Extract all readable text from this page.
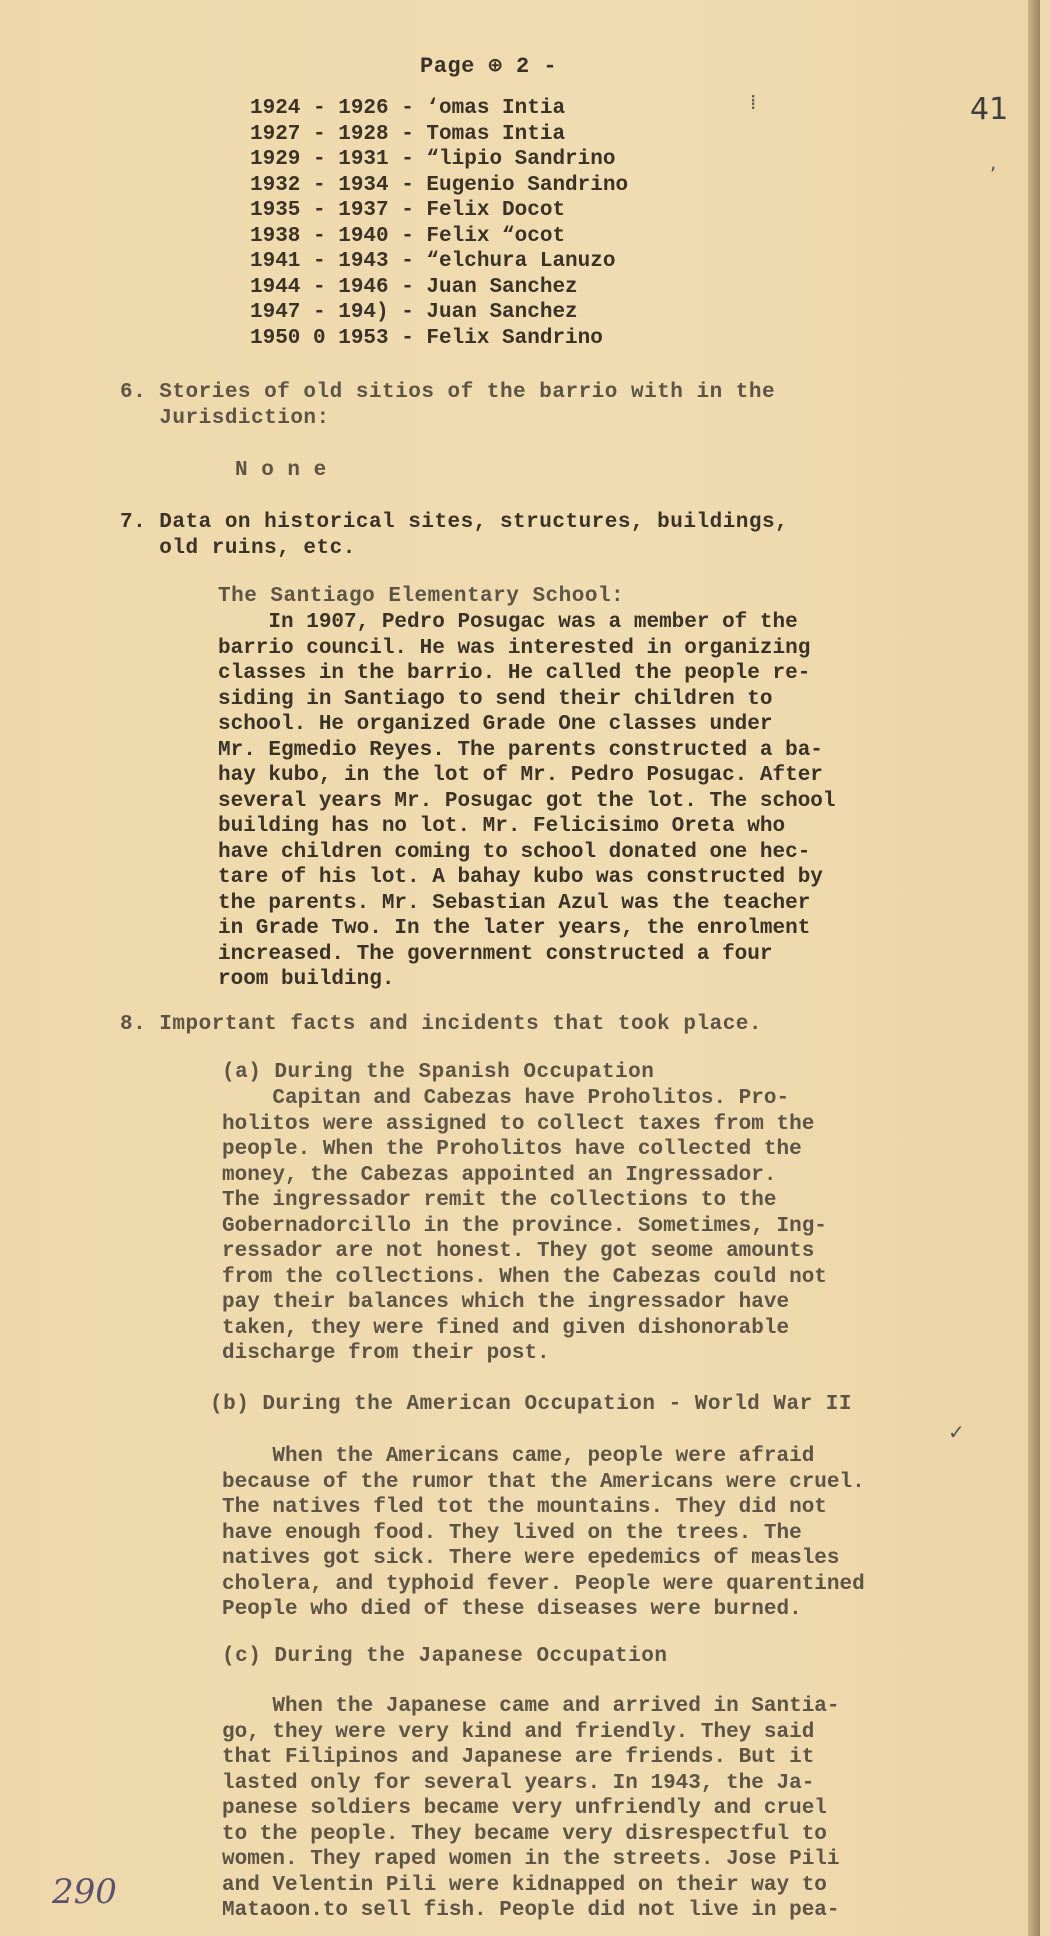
Page ⊕ 2 -
41
⁞
,
1924 - 1926 - ‘omas Intia
1927 - 1928 - Tomas Intia
1929 - 1931 - “lipio Sandrino
1932 - 1934 - Eugenio Sandrino
1935 - 1937 - Felix Docot
1938 - 1940 - Felix “ocot
1941 - 1943 - “elchura Lanuzo
1944 - 1946 - Juan Sanchez
1947 - 194) - Juan Sanchez
1950 0 1953 - Felix Sandrino
6. Stories of old sitios of the barrio with in the
Jurisdiction:
N o n e
7. Data on historical sites, structures, buildings,
old ruins, etc.
The Santiago Elementary School:
In 1907, Pedro Posugac was a member of the
barrio council. He was interested in organizing
classes in the barrio. He called the people re-
siding in Santiago to send their children to
school. He organized Grade One classes under
Mr. Egmedio Reyes. The parents constructed a ba-
hay kubo, in the lot of Mr. Pedro Posugac. After
several years Mr. Posugac got the lot. The school
building has no lot. Mr. Felicisimo Oreta who
have children coming to school donated one hec-
tare of his lot. A bahay kubo was constructed by
the parents. Mr. Sebastian Azul was the teacher
in Grade Two. In the later years, the enrolment
increased. The government constructed a four
room building.
8. Important facts and incidents that took place.
(a) During the Spanish Occupation
Capitan and Cabezas have Proholitos. Pro-
holitos were assigned to collect taxes from the
people. When the Proholitos have collected the
money, the Cabezas appointed an Ingressador.
The ingressador remit the collections to the
Gobernadorcillo in the province. Sometimes, Ing-
ressador are not honest. They got seome amounts
from the collections. When the Cabezas could not
pay their balances which the ingressador have
taken, they were fined and given dishonorable
discharge from their post.
(b) During the American Occupation - World War II
✓
When the Americans came, people were afraid
because of the rumor that the Americans were cruel.
The natives fled tot the mountains. They did not
have enough food. They lived on the trees. The
natives got sick. There were epedemics of measles
cholera, and typhoid fever. People were quarentined
People who died of these diseases were burned.
(c) During the Japanese Occupation
When the Japanese came and arrived in Santia-
go, they were very kind and friendly. They said
that Filipinos and Japanese are friends. But it
lasted only for several years. In 1943, the Ja-
panese soldiers became very unfriendly and cruel
to the people. They became very disrespectful to
women. They raped women in the streets. Jose Pili
and Velentin Pili were kidnapped on their way to
Mataoon.to sell fish. People did not live in pea-
290
